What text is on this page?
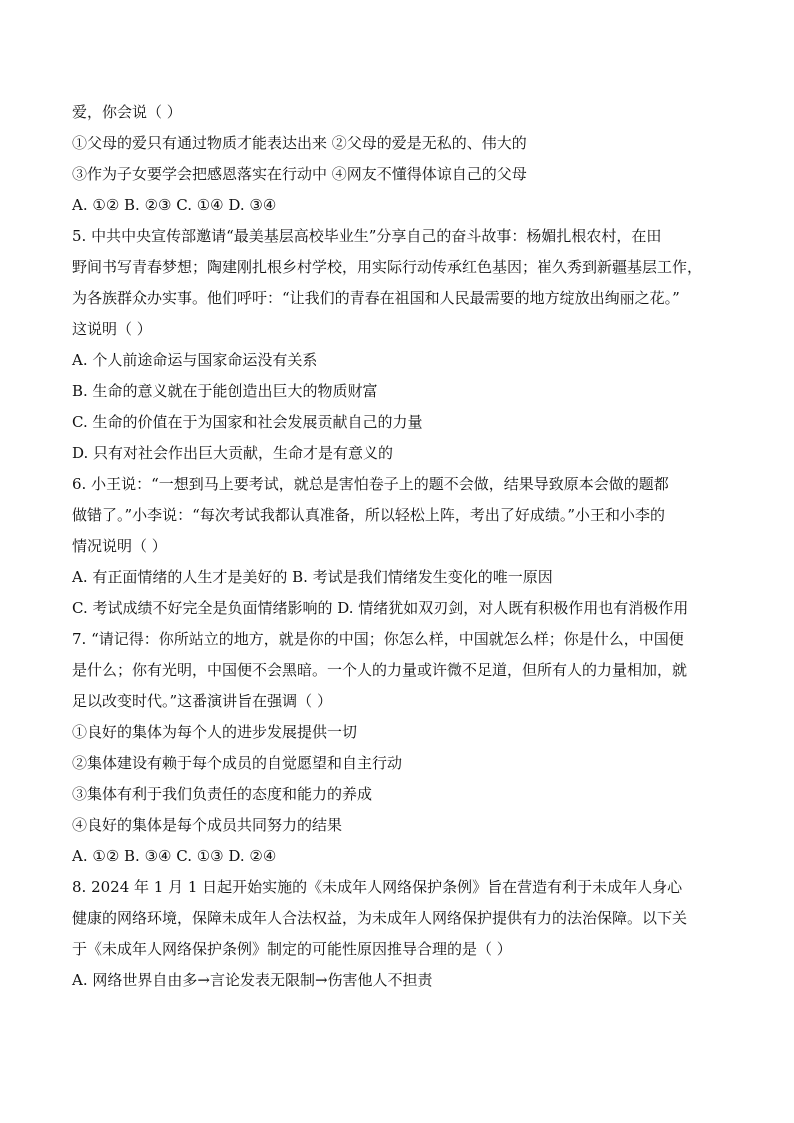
爱，你会说（ ）
①父母的爱只有通过物质才能表达出来 ②父母的爱是无私的、伟大的
③作为子女要学会把感恩落实在行动中 ④网友不懂得体谅自己的父母
A. ①② B. ②③ C. ①④ D. ③④
5. 中共中央宣传部邀请“最美基层高校毕业生”分享自己的奋斗故事：杨媚扎根农村，在田
野间书写青春梦想；陶建刚扎根乡村学校，用实际行动传承红色基因；崔久秀到新疆基层工作，
为各族群众办实事。他们呼吁：“让我们的青春在祖国和人民最需要的地方绽放出绚丽之花。”
这说明（ ）
A. 个人前途命运与国家命运没有关系
B. 生命的意义就在于能创造出巨大的物质财富
C. 生命的价值在于为国家和社会发展贡献自己的力量
D. 只有对社会作出巨大贡献，生命才是有意义的
6. 小王说：“一想到马上要考试，就总是害怕卷子上的题不会做，结果导致原本会做的题都
做错了。”小李说：“每次考试我都认真准备，所以轻松上阵，考出了好成绩。”小王和小李的
情况说明（ ）
A. 有正面情绪的人生才是美好的 B. 考试是我们情绪发生变化的唯一原因
C. 考试成绩不好完全是负面情绪影响的 D. 情绪犹如双刃剑，对人既有积极作用也有消极作用
7. “请记得：你所站立的地方，就是你的中国；你怎么样，中国就怎么样；你是什么，中国便
是什么；你有光明，中国便不会黑暗。一个人的力量或许微不足道，但所有人的力量相加，就
足以改变时代。”这番演讲旨在强调（ ）
①良好的集体为每个人的进步发展提供一切
②集体建设有赖于每个成员的自觉愿望和自主行动
③集体有利于我们负责任的态度和能力的养成
④良好的集体是每个成员共同努力的结果
A. ①② B. ③④ C. ①③ D. ②④
8. 2024 年 1 月 1 日起开始实施的《未成年人网络保护条例》旨在营造有利于未成年人身心
健康的网络环境，保障未成年人合法权益，为未成年人网络保护提供有力的法治保障。以下关
于《未成年人网络保护条例》制定的可能性原因推导合理的是（ ）
A. 网络世界自由多→言论发表无限制→伤害他人不担责
